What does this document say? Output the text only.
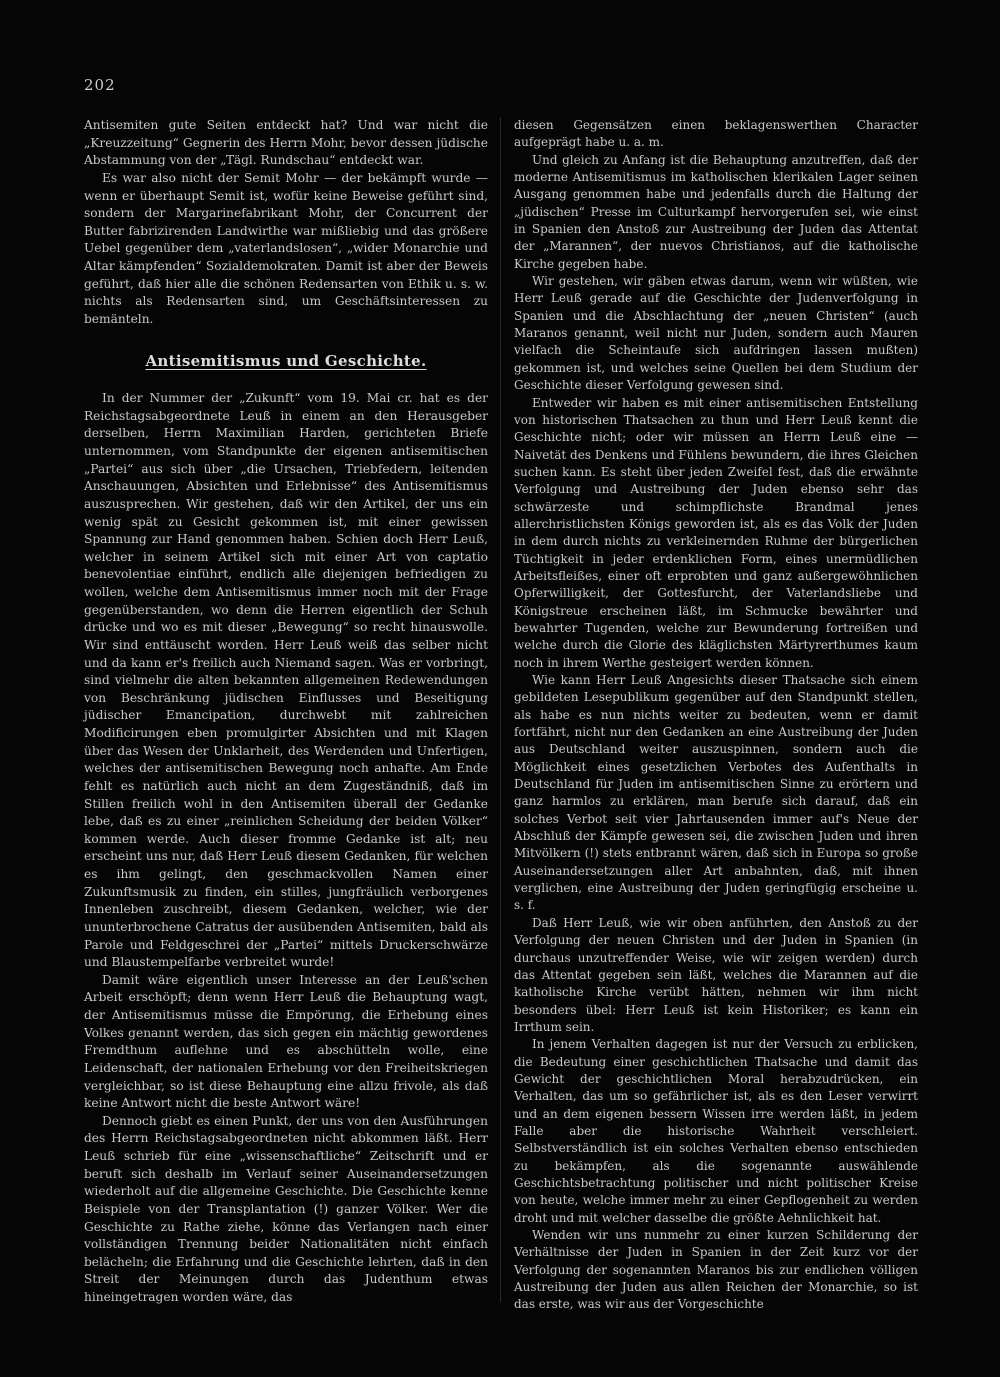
202

Antisemiten gute Seiten entdeckt hat? Und war nicht die „Kreuzzeitung“ Gegnerin des Herrn Mohr, bevor dessen jüdische Abstammung von der „Tägl. Rundschau“ entdeckt war.

Es war also nicht der Semit Mohr — der bekämpft wurde — wenn er überhaupt Semit ist, wofür keine Beweise geführt sind, sondern der Margarinefabrikant Mohr, der Concurrent der Butter fabrizirenden Landwirthe war mißliebig und das größere Uebel gegenüber dem „vaterlandslosen“, „wider Monarchie und Altar kämpfenden“ Sozialdemokraten. Damit ist aber der Beweis geführt, daß hier alle die schönen Redensarten von Ethik u. s. w. nichts als Redensarten sind, um Geschäftsinteressen zu bemänteln.

Antisemitismus und Geschichte.

In der Nummer der „Zukunft“ vom 19. Mai cr. hat es der Reichstagsabgeordnete Leuß in einem an den Herausgeber derselben, Herrn Maximilian Harden, gerichteten Briefe unternommen, vom Standpunkte der eigenen antisemitischen „Partei“ aus sich über „die Ursachen, Triebfedern, leitenden Anschauungen, Absichten und Erlebnisse“ des Antisemitismus auszusprechen. Wir gestehen, daß wir den Artikel, der uns ein wenig spät zu Gesicht gekommen ist, mit einer gewissen Spannung zur Hand genommen haben. Schien doch Herr Leuß, welcher in seinem Artikel sich mit einer Art von captatio benevolentiae einführt, endlich alle diejenigen befriedigen zu wollen, welche dem Antisemitismus immer noch mit der Frage gegenüberstanden, wo denn die Herren eigentlich der Schuh drücke und wo es mit dieser „Bewegung“ so recht hinauswolle. Wir sind enttäuscht worden. Herr Leuß weiß das selber nicht und da kann er's freilich auch Niemand sagen. Was er vorbringt, sind vielmehr die alten bekannten allgemeinen Redewendungen von Beschränkung jüdischen Einflusses und Beseitigung jüdischer Emancipation, durchwebt mit zahlreichen Modificirungen eben promulgirter Absichten und mit Klagen über das Wesen der Unklarheit, des Werdenden und Unfertigen, welches der antisemitischen Bewegung noch anhafte. Am Ende fehlt es natürlich auch nicht an dem Zugeständniß, daß im Stillen freilich wohl in den Antisemiten überall der Gedanke lebe, daß es zu einer „reinlichen Scheidung der beiden Völker“ kommen werde. Auch dieser fromme Gedanke ist alt; neu erscheint uns nur, daß Herr Leuß diesem Gedanken, für welchen es ihm gelingt, den geschmackvollen Namen einer Zukunftsmusik zu finden, ein stilles, jungfräulich verborgenes Innenleben zuschreibt, diesem Gedanken, welcher, wie der ununterbrochene Catratus der ausübenden Antisemiten, bald als Parole und Feldgeschrei der „Partei“ mittels Druckerschwärze und Blaustempelfarbe verbreitet wurde!

Damit wäre eigentlich unser Interesse an der Leuß'schen Arbeit erschöpft; denn wenn Herr Leuß die Behauptung wagt, der Antisemitismus müsse die Empörung, die Erhebung eines Volkes genannt werden, das sich gegen ein mächtig gewordenes Fremdthum auflehne und es abschütteln wolle, eine Leidenschaft, der nationalen Erhebung vor den Freiheitskriegen vergleichbar, so ist diese Behauptung eine allzu frivole, als daß keine Antwort nicht die beste Antwort wäre!

Dennoch giebt es einen Punkt, der uns von den Ausführungen des Herrn Reichstagsabgeordneten nicht abkommen läßt. Herr Leuß schrieb für eine „wissenschaftliche“ Zeitschrift und er beruft sich deshalb im Verlauf seiner Auseinandersetzungen wiederholt auf die allgemeine Geschichte. Die Geschichte kenne Beispiele von der Transplantation (!) ganzer Völker. Wer die Geschichte zu Rathe ziehe, könne das Verlangen nach einer vollständigen Trennung beider Nationalitäten nicht einfach belächeln; die Erfahrung und die Geschichte lehrten, daß in den Streit der Meinungen durch das Judenthum etwas hineingetragen worden wäre, das

diesen Gegensätzen einen beklagenswerthen Character aufgeprägt habe u. a. m.

Und gleich zu Anfang ist die Behauptung anzutreffen, daß der moderne Antisemitismus im katholischen klerikalen Lager seinen Ausgang genommen habe und jedenfalls durch die Haltung der „jüdischen“ Presse im Culturkampf hervorgerufen sei, wie einst in Spanien den Anstoß zur Austreibung der Juden das Attentat der „Marannen“, der nuevos Christianos, auf die katholische Kirche gegeben habe.

Wir gestehen, wir gäben etwas darum, wenn wir wüßten, wie Herr Leuß gerade auf die Geschichte der Judenverfolgung in Spanien und die Abschlachtung der „neuen Christen“ (auch Maranos genannt, weil nicht nur Juden, sondern auch Mauren vielfach die Scheintaufe sich aufdringen lassen mußten) gekommen ist, und welches seine Quellen bei dem Studium der Geschichte dieser Verfolgung gewesen sind.

Entweder wir haben es mit einer antisemitischen Entstellung von historischen Thatsachen zu thun und Herr Leuß kennt die Geschichte nicht; oder wir müssen an Herrn Leuß eine — Naivetät des Denkens und Fühlens bewundern, die ihres Gleichen suchen kann. Es steht über jeden Zweifel fest, daß die erwähnte Verfolgung und Austreibung der Juden ebenso sehr das schwärzeste und schimpflichste Brandmal jenes allerchristlichsten Königs geworden ist, als es das Volk der Juden in dem durch nichts zu verkleinernden Ruhme der bürgerlichen Tüchtigkeit in jeder erdenklichen Form, eines unermüdlichen Arbeitsfleißes, einer oft erprobten und ganz außergewöhnlichen Opferwilligkeit, der Gottesfurcht, der Vaterlandsliebe und Königstreue erscheinen läßt, im Schmucke bewährter und bewahrter Tugenden, welche zur Bewunderung fortreißen und welche durch die Glorie des kläglichsten Märtyrerthumes kaum noch in ihrem Werthe gesteigert werden können.

Wie kann Herr Leuß Angesichts dieser Thatsache sich einem gebildeten Lesepublikum gegenüber auf den Standpunkt stellen, als habe es nun nichts weiter zu bedeuten, wenn er damit fortfährt, nicht nur den Gedanken an eine Austreibung der Juden aus Deutschland weiter auszuspinnen, sondern auch die Möglichkeit eines gesetzlichen Verbotes des Aufenthalts in Deutschland für Juden im antisemitischen Sinne zu erörtern und ganz harmlos zu erklären, man berufe sich darauf, daß ein solches Verbot seit vier Jahrtausenden immer auf's Neue der Abschluß der Kämpfe gewesen sei, die zwischen Juden und ihren Mitvölkern (!) stets entbrannt wären, daß sich in Europa so große Auseinandersetzungen aller Art anbahnten, daß, mit ihnen verglichen, eine Austreibung der Juden geringfügig erscheine u. s. f.

Daß Herr Leuß, wie wir oben anführten, den Anstoß zu der Verfolgung der neuen Christen und der Juden in Spanien (in durchaus unzutreffender Weise, wie wir zeigen werden) durch das Attentat gegeben sein läßt, welches die Marannen auf die katholische Kirche verübt hätten, nehmen wir ihm nicht besonders übel: Herr Leuß ist kein Historiker; es kann ein Irrthum sein.

In jenem Verhalten dagegen ist nur der Versuch zu erblicken, die Bedeutung einer geschichtlichen Thatsache und damit das Gewicht der geschichtlichen Moral herabzudrücken, ein Verhalten, das um so gefährlicher ist, als es den Leser verwirrt und an dem eigenen bessern Wissen irre werden läßt, in jedem Falle aber die historische Wahrheit verschleiert. Selbstverständlich ist ein solches Verhalten ebenso entschieden zu bekämpfen, als die sogenannte auswählende Geschichtsbetrachtung politischer und nicht politischer Kreise von heute, welche immer mehr zu einer Gepflogenheit zu werden droht und mit welcher dasselbe die größte Aehnlichkeit hat.

Wenden wir uns nunmehr zu einer kurzen Schilderung der Verhältnisse der Juden in Spanien in der Zeit kurz vor der Verfolgung der sogenannten Maranos bis zur endlichen völligen Austreibung der Juden aus allen Reichen der Monarchie, so ist das erste, was wir aus der Vorgeschichte
